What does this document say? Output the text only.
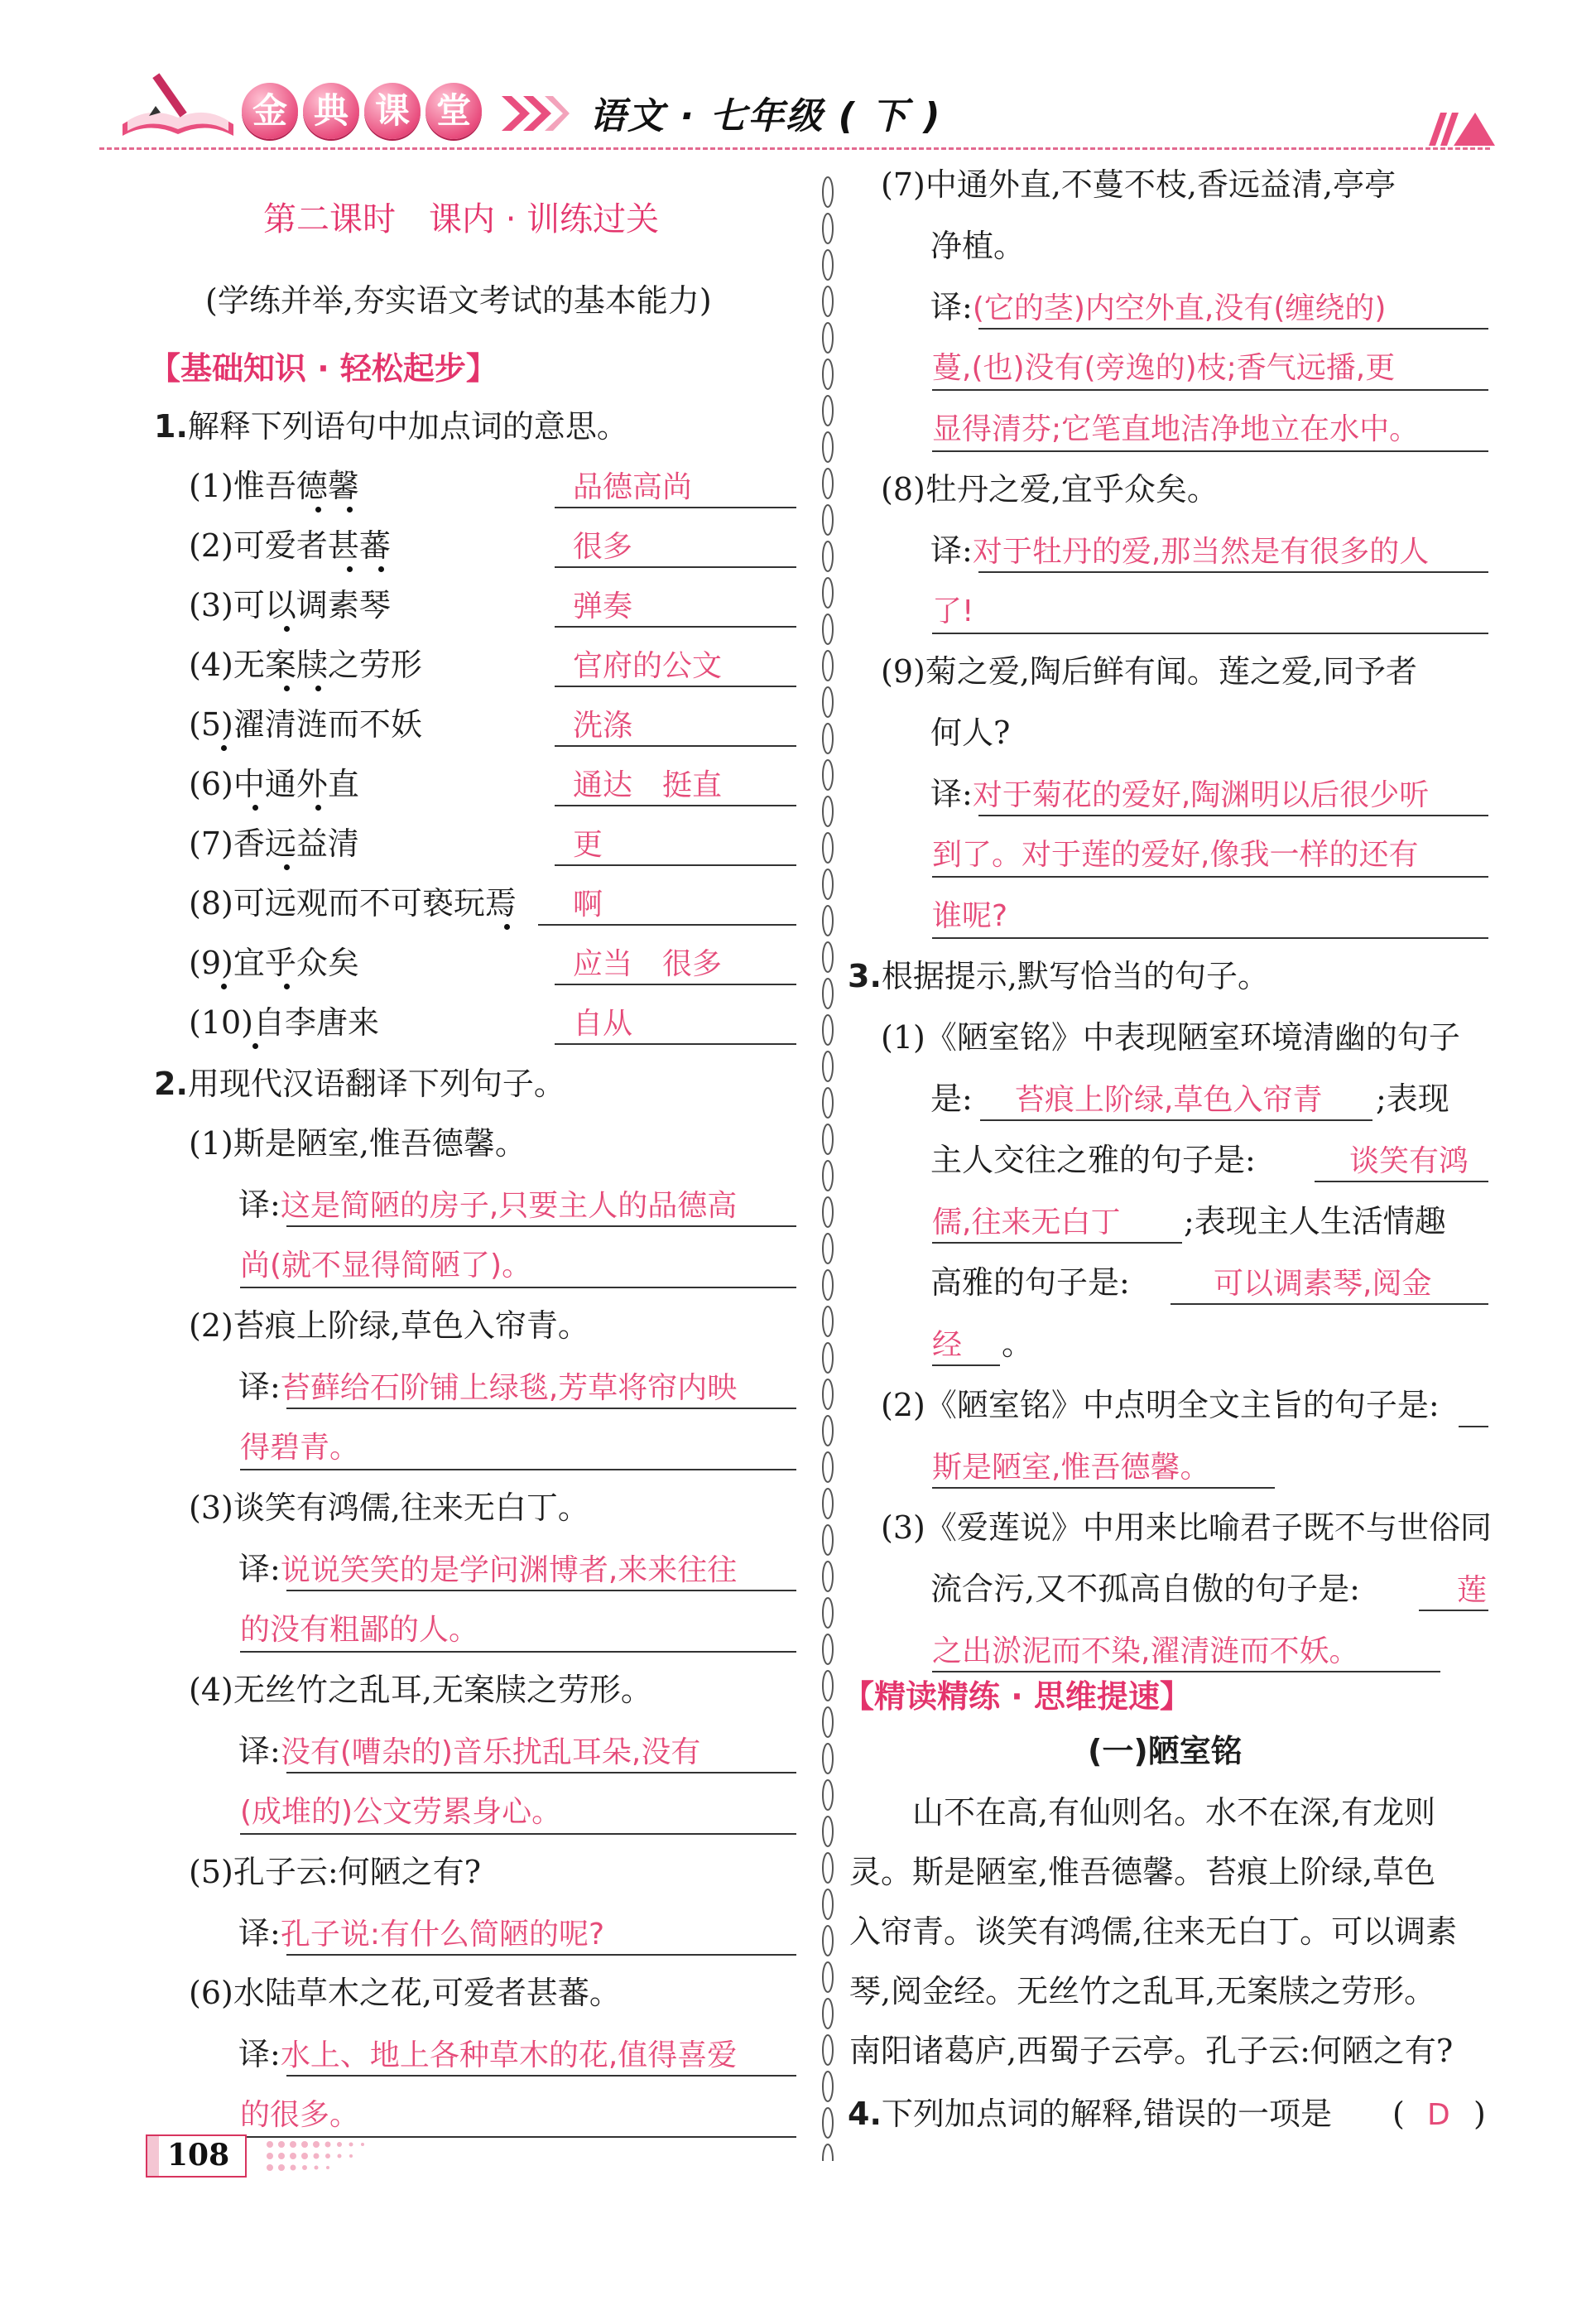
金 典 课 堂	语文 · 七年级 ( 下 )
第二课时　课内 · 训练过关
(学练并举,夯实语文考试的基本能力)
【基础知识 · 轻松起步】
1.解释下列语句中加点词的意思。
(1)惟吾德馨	品德高尚
(2)可爱者甚蕃	很多
(3)可以调素琴	弹奏
(4)无案牍之劳形	官府的公文
(5)濯清涟而不妖	洗涤
(6)中通外直	通达　挺直
(7)香远益清	更
(8)可远观而不可亵玩焉 啊
(9)宜乎众矣	应当　很多
(10)自李唐来	自从
2.用现代汉语翻译下列句子。
(1)斯是陋室,惟吾德馨。
译:这是简陋的房子,只要主人的品德高
尚(就不显得简陋了)。
(2)苔痕上阶绿,草色入帘青。
译:苔藓给石阶铺上绿毯,芳草将帘内映
得碧青。
(3)谈笑有鸿儒,往来无白丁。
译:说说笑笑的是学问渊博者,来来往往
的没有粗鄙的人。
(4)无丝竹之乱耳,无案牍之劳形。
译:没有(嘈杂的)音乐扰乱耳朵,没有
(成堆的)公文劳累身心。
(5)孔子云:何陋之有?
译:孔子说:有什么简陋的呢?
(6)水陆草木之花,可爱者甚蕃。
译:水上、地上各种草木的花,值得喜爱
的很多。
(7)中通外直,不蔓不枝,香远益清,亭亭
净植。
译:(它的茎)内空外直,没有(缠绕的)
蔓,(也)没有(旁逸的)枝;香气远播,更
显得清芬;它笔直地洁净地立在水中。
(8)牡丹之爱,宜乎众矣。
译:对于牡丹的爱,那当然是有很多的人
了!
(9)菊之爱,陶后鲜有闻。莲之爱,同予者
何人?
译:对于菊花的爱好,陶渊明以后很少听
到了。对于莲的爱好,像我一样的还有
谁呢?
3.根据提示,默写恰当的句子。
(1)《陋室铭》中表现陋室环境清幽的句子
是: 苔痕上阶绿,草色入帘青 ;表现
主人交往之雅的句子是:	谈笑有鸿
儒,往来无白丁 ;表现主人生活情趣
高雅的句子是:	可以调素琴,阅金
经 。
(2)《陋室铭》中点明全文主旨的句子是:
斯是陋室,惟吾德馨。
(3)《爱莲说》中用来比喻君子既不与世俗同
流合污,又不孤高自傲的句子是:	莲
之出淤泥而不染,濯清涟而不妖。
【精读精练 · 思维提速】
(一)陋室铭
　山不在高,有仙则名。水不在深,有龙则
灵。斯是陋室,惟吾德馨。苔痕上阶绿,草色
入帘青。谈笑有鸿儒,往来无白丁。可以调素
琴,阅金经。无丝竹之乱耳,无案牍之劳形。
南阳诸葛庐,西蜀子云亭。孔子云:何陋之有?
4.下列加点词的解释,错误的一项是 ( D )
108
